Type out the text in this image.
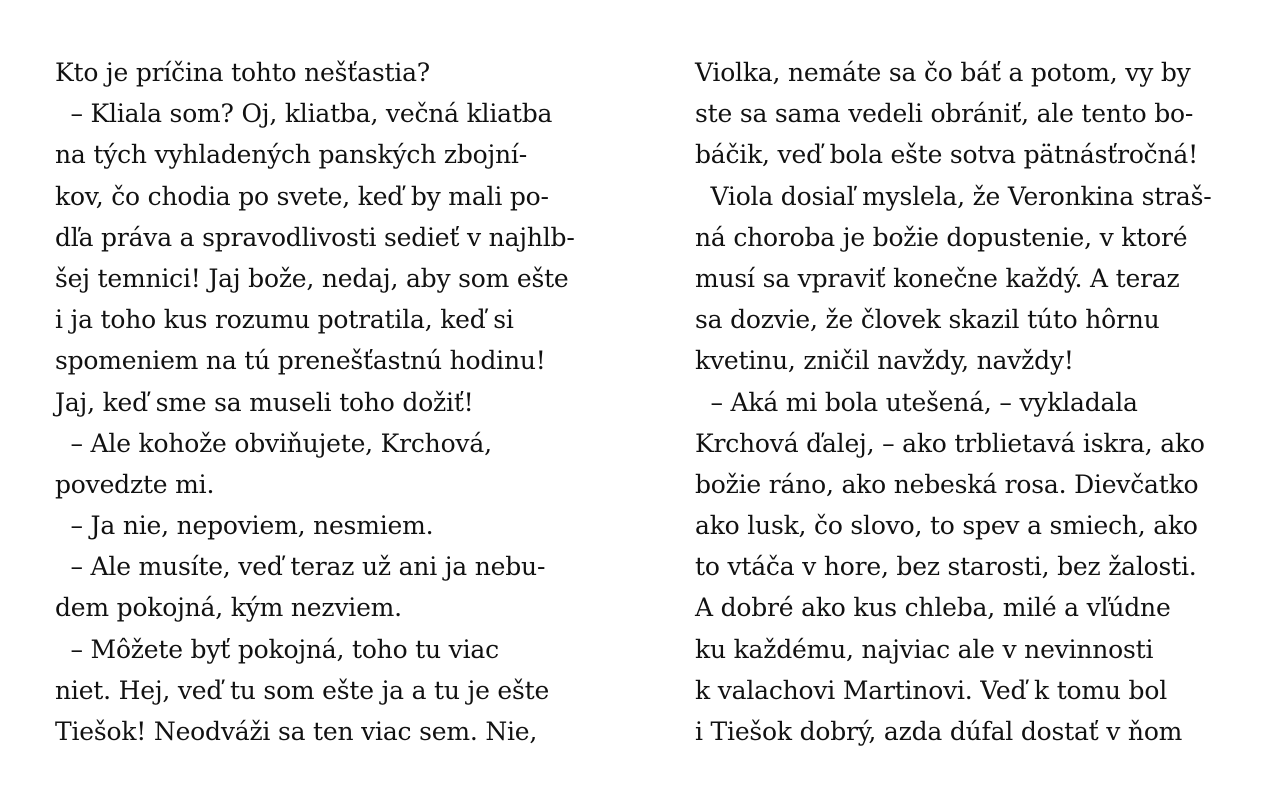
Kto je príčina tohto nešťastia?
– Kliala som? Oj, kliatba, večná kliatba
na tých vyhladených panských zbojní-
kov, čo chodia po svete, keď by mali po-
dľa práva a spravodlivosti sedieť v najhlb-
šej temnici! Jaj bože, nedaj, aby som ešte
i ja toho kus rozumu potratila, keď si
spomeniem na tú prenešťastnú hodinu!
Jaj, keď sme sa museli toho dožiť!
– Ale kohože obviňujete, Krchová,
povedzte mi.
– Ja nie, nepoviem, nesmiem.
– Ale musíte, veď teraz už ani ja nebu-
dem pokojná, kým nezviem.
– Môžete byť pokojná, toho tu viac
niet. Hej, veď tu som ešte ja a tu je ešte
Tiešok! Neodváži sa ten viac sem. Nie,
Violka, nemáte sa čo báť a potom, vy by
ste sa sama vedeli obrániť, ale tento bo-
báčik, veď bola ešte sotva pätnásťročná!
Viola dosiaľ myslela, že Veronkina straš-
ná choroba je božie dopustenie, v ktoré
musí sa vpraviť konečne každý. A teraz
sa dozvie, že človek skazil túto hôrnu
kvetinu, zničil navždy, navždy!
– Aká mi bola utešená, – vykladala
Krchová ďalej, – ako trblietavá iskra, ako
božie ráno, ako nebeská rosa. Dievčatko
ako lusk, čo slovo, to spev a smiech, ako
to vtáča v hore, bez starosti, bez žalosti.
A dobré ako kus chleba, milé a vľúdne
ku každému, najviac ale v nevinnosti
k valachovi Martinovi. Veď k tomu bol
i Tiešok dobrý, azda dúfal dostať v ňom
